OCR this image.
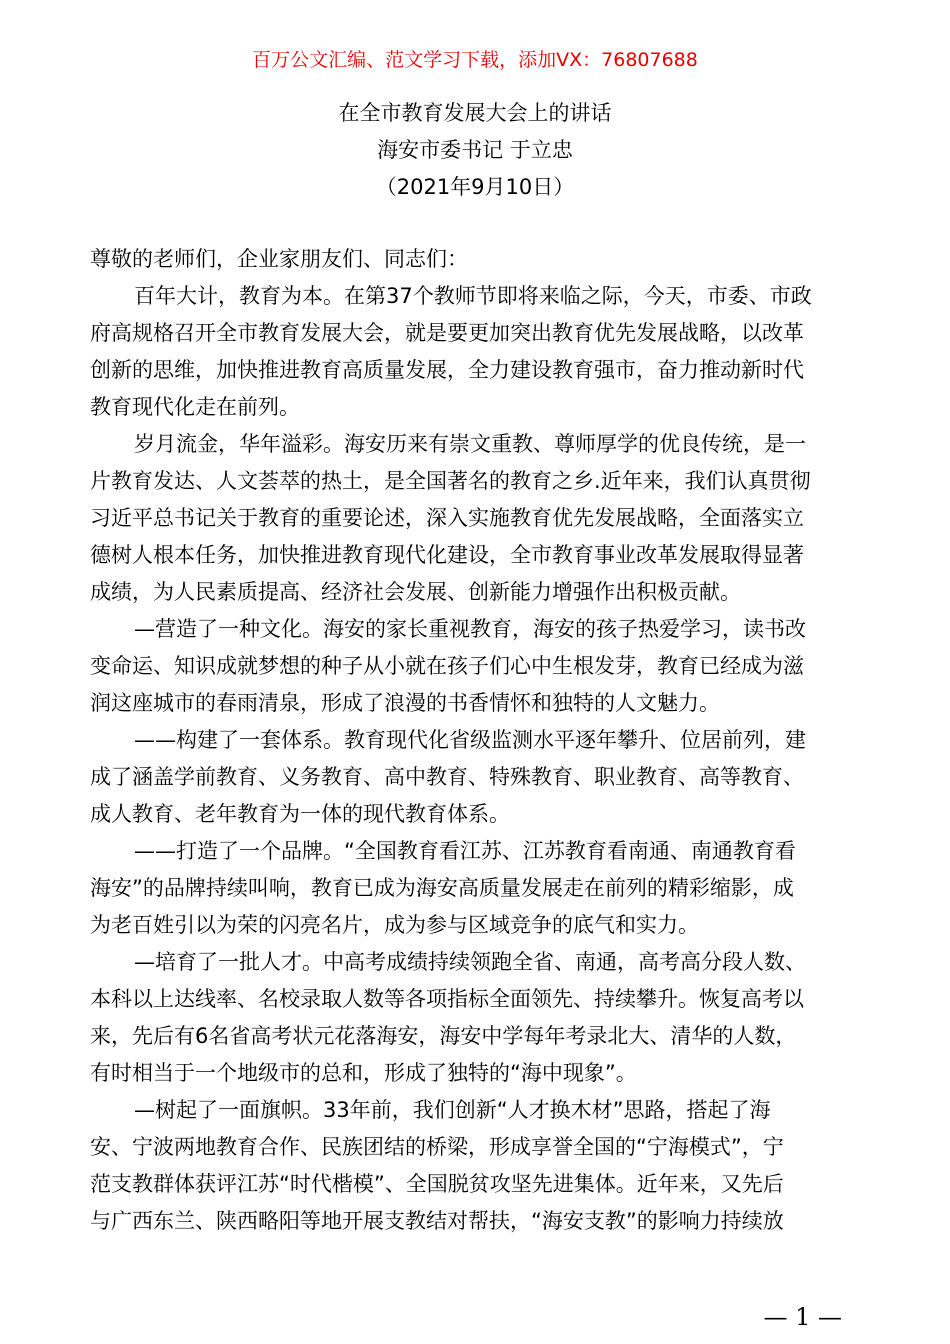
百万公文汇编、范文学习下载，添加VX：76807688
在全市教育发展大会上的讲话
海安市委书记 于立忠
（2021年9月10日）
尊敬的老师们，企业家朋友们、同志们：
百年大计，教育为本。在第37个教师节即将来临之际，今天，市委、市政
府高规格召开全市教育发展大会，就是要更加突出教育优先发展战略，以改革
创新的思维，加快推进教育高质量发展，全力建设教育强市，奋力推动新时代
教育现代化走在前列。
岁月流金，华年溢彩。海安历来有崇文重教、尊师厚学的优良传统，是一
片教育发达、人文荟萃的热土，是全国著名的教育之乡.近年来，我们认真贯彻
习近平总书记关于教育的重要论述，深入实施教育优先发展战略，全面落实立
德树人根本任务，加快推进教育现代化建设，全市教育事业改革发展取得显著
成绩，为人民素质提高、经济社会发展、创新能力增强作出积极贡献。
—营造了一种文化。海安的家长重视教育，海安的孩子热爱学习，读书改
变命运、知识成就梦想的种子从小就在孩子们心中生根发芽，教育已经成为滋
润这座城市的春雨清泉，形成了浪漫的书香情怀和独特的人文魅力。
——构建了一套体系。教育现代化省级监测水平逐年攀升、位居前列，建
成了涵盖学前教育、义务教育、高中教育、特殊教育、职业教育、高等教育、
成人教育、老年教育为一体的现代教育体系。
——打造了一个品牌。“全国教育看江苏、江苏教育看南通、南通教育看
海安”的品牌持续叫响，教育已成为海安高质量发展走在前列的精彩缩影，成
为老百姓引以为荣的闪亮名片，成为参与区域竞争的底气和实力。
—培育了一批人才。中高考成绩持续领跑全省、南通，高考高分段人数、
本科以上达线率、名校录取人数等各项指标全面领先、持续攀升。恢复高考以
来，先后有6名省高考状元花落海安，海安中学每年考录北大、清华的人数，
有时相当于一个地级市的总和，形成了独特的“海中现象”。
—树起了一面旗帜。33年前，我们创新“人才换木材”思路，搭起了海
安、宁波两地教育合作、民族团结的桥梁，形成享誉全国的“宁海模式”，宁
范支教群体获评江苏“时代楷模”、全国脱贫攻坚先进集体。近年来，又先后
与广西东兰、陕西略阳等地开展支教结对帮扶，“海安支教”的影响力持续放
— 1 —
